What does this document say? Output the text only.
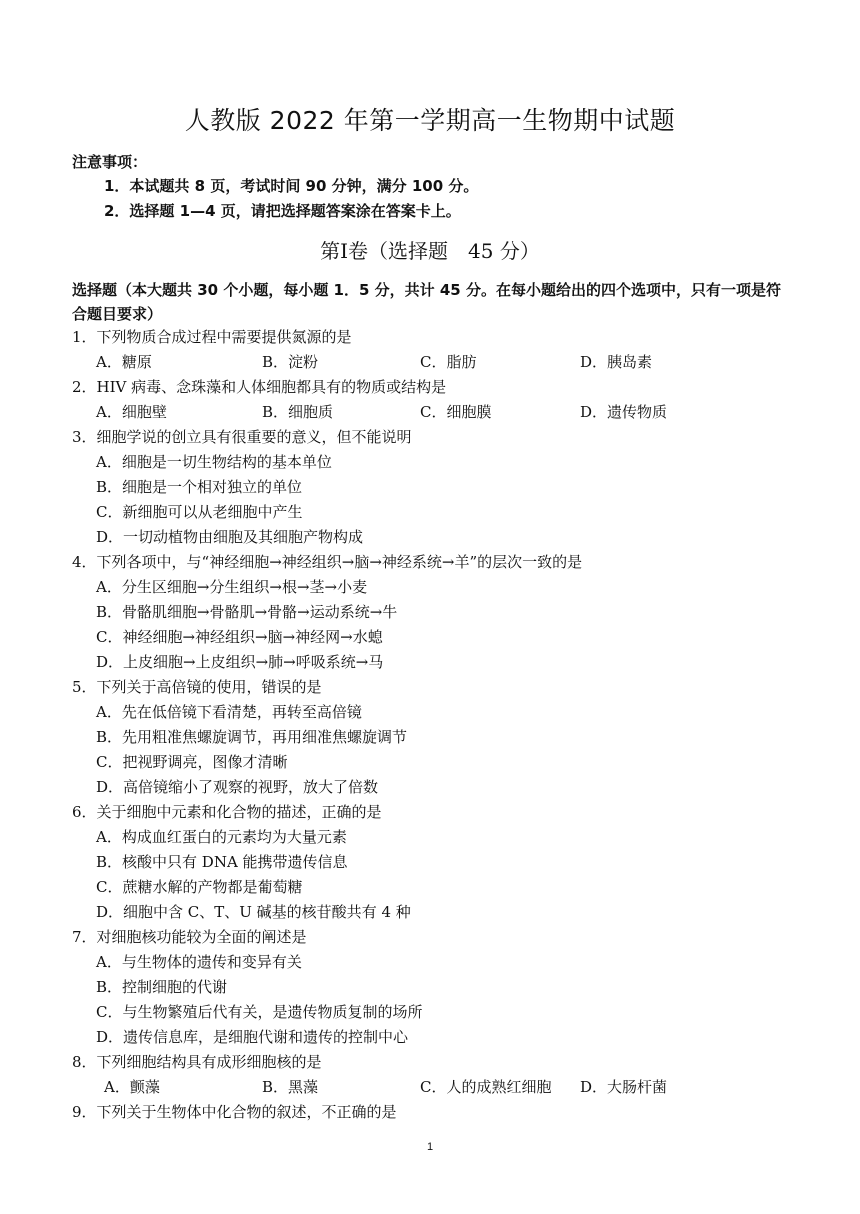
人教版 2022 年第一学期高一生物期中试题
注意事项：
1．本试题共 8 页，考试时间 90 分钟，满分 100 分。
2．选择题 1—4 页，请把选择题答案涂在答案卡上。
第Ⅰ卷（选择题　45 分）
选择题（本大题共 30 个小题，每小题 1．5 分，共计 45 分。在每小题给出的四个选项中，只有一项是符合题目要求）
1．下列物质合成过程中需要提供氮源的是
A．糖原	B．淀粉	C．脂肪	D．胰岛素
2．HIV 病毒、念珠藻和人体细胞都具有的物质或结构是
A．细胞壁	B．细胞质	C．细胞膜	D．遗传物质
3．细胞学说的创立具有很重要的意义，但不能说明
A．细胞是一切生物结构的基本单位
B．细胞是一个相对独立的单位
C．新细胞可以从老细胞中产生
D．一切动植物由细胞及其细胞产物构成
4．下列各项中，与“神经细胞→神经组织→脑→神经系统→羊”的层次一致的是
A．分生区细胞→分生组织→根→茎→小麦
B．骨骼肌细胞→骨骼肌→骨骼→运动系统→牛
C．神经细胞→神经组织→脑→神经网→水螅
D．上皮细胞→上皮组织→肺→呼吸系统→马
5．下列关于高倍镜的使用，错误的是
A．先在低倍镜下看清楚，再转至高倍镜
B．先用粗准焦螺旋调节，再用细准焦螺旋调节
C．把视野调亮，图像才清晰
D．高倍镜缩小了观察的视野，放大了倍数
6．关于细胞中元素和化合物的描述，正确的是
A．构成血红蛋白的元素均为大量元素
B．核酸中只有 DNA 能携带遗传信息
C．蔗糖水解的产物都是葡萄糖
D．细胞中含 C、T、U 碱基的核苷酸共有 4 种
7．对细胞核功能较为全面的阐述是
A．与生物体的遗传和变异有关
B．控制细胞的代谢
C．与生物繁殖后代有关，是遗传物质复制的场所
D．遗传信息库，是细胞代谢和遗传的控制中心
8．下列细胞结构具有成形细胞核的是
A．颤藻	B．黑藻	C．人的成熟红细胞 D．大肠杆菌
9．下列关于生物体中化合物的叙述，不正确的是
1
